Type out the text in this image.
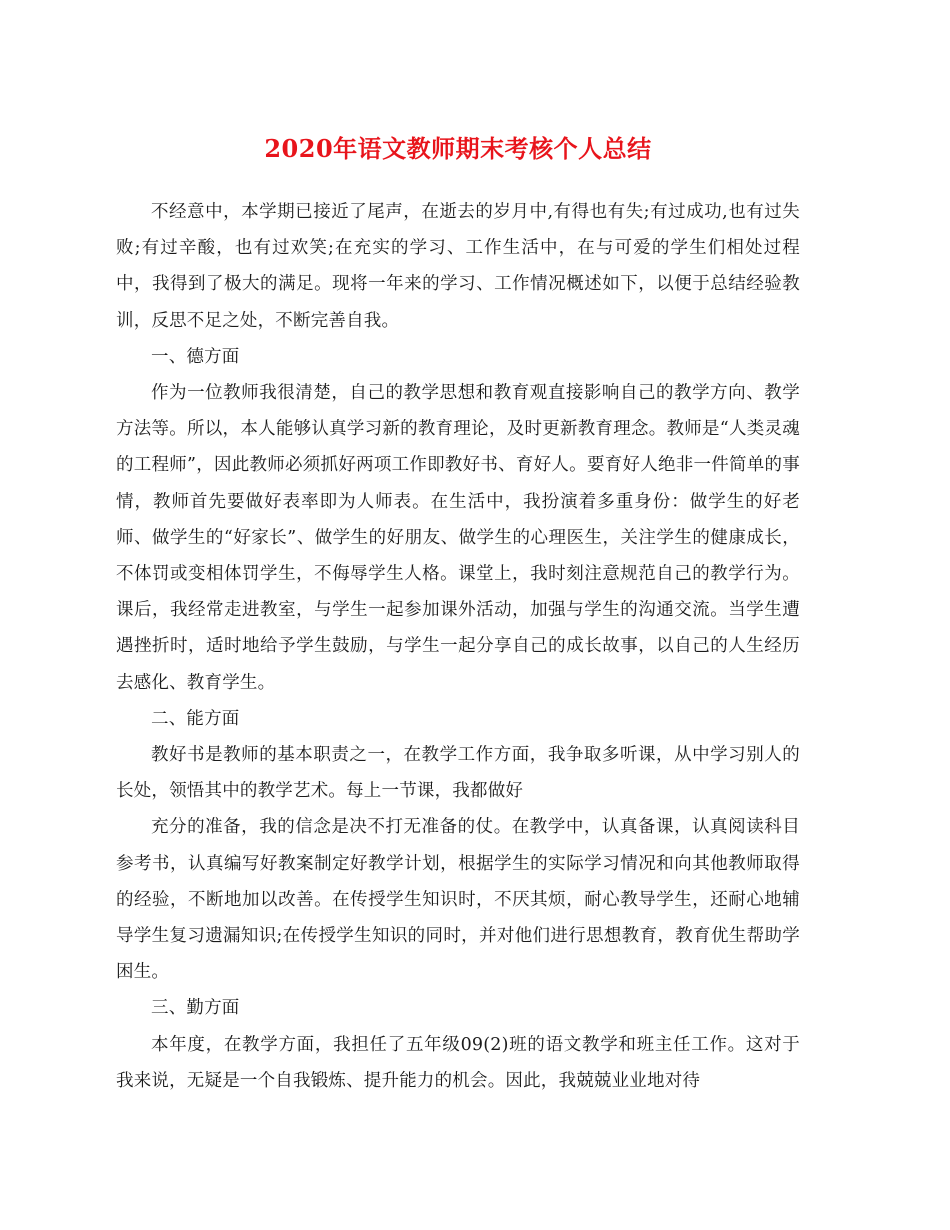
2020年语文教师期末考核个人总结

不经意中，本学期已接近了尾声，在逝去的岁月中,有得也有失;有过成功,也有过失败;有过辛酸，也有过欢笑;在充实的学习、工作生活中，在与可爱的学生们相处过程中，我得到了极大的满足。现将一年来的学习、工作情况概述如下，以便于总结经验教训，反思不足之处，不断完善自我。

一、德方面

作为一位教师我很清楚，自己的教学思想和教育观直接影响自己的教学方向、教学方法等。所以，本人能够认真学习新的教育理论，及时更新教育理念。教师是“人类灵魂的工程师”，因此教师必须抓好两项工作即教好书、育好人。要育好人绝非一件简单的事情，教师首先要做好表率即为人师表。在生活中，我扮演着多重身份：做学生的好老师、做学生的“好家长”、做学生的好朋友、做学生的心理医生，关注学生的健康成长，不体罚或变相体罚学生，不侮辱学生人格。课堂上，我时刻注意规范自己的教学行为。课后，我经常走进教室，与学生一起参加课外活动，加强与学生的沟通交流。当学生遭遇挫折时，适时地给予学生鼓励，与学生一起分享自己的成长故事，以自己的人生经历去感化、教育学生。

二、能方面

教好书是教师的基本职责之一，在教学工作方面，我争取多听课，从中学习别人的长处，领悟其中的教学艺术。每上一节课，我都做好

充分的准备，我的信念是决不打无准备的仗。在教学中，认真备课，认真阅读科目参考书，认真编写好教案制定好教学计划，根据学生的实际学习情况和向其他教师取得的经验，不断地加以改善。在传授学生知识时，不厌其烦，耐心教导学生，还耐心地辅导学生复习遗漏知识;在传授学生知识的同时，并对他们进行思想教育，教育优生帮助学困生。

三、勤方面

本年度，在教学方面，我担任了五年级09(2)班的语文教学和班主任工作。这对于我来说，无疑是一个自我锻炼、提升能力的机会。因此，我兢兢业业地对待
